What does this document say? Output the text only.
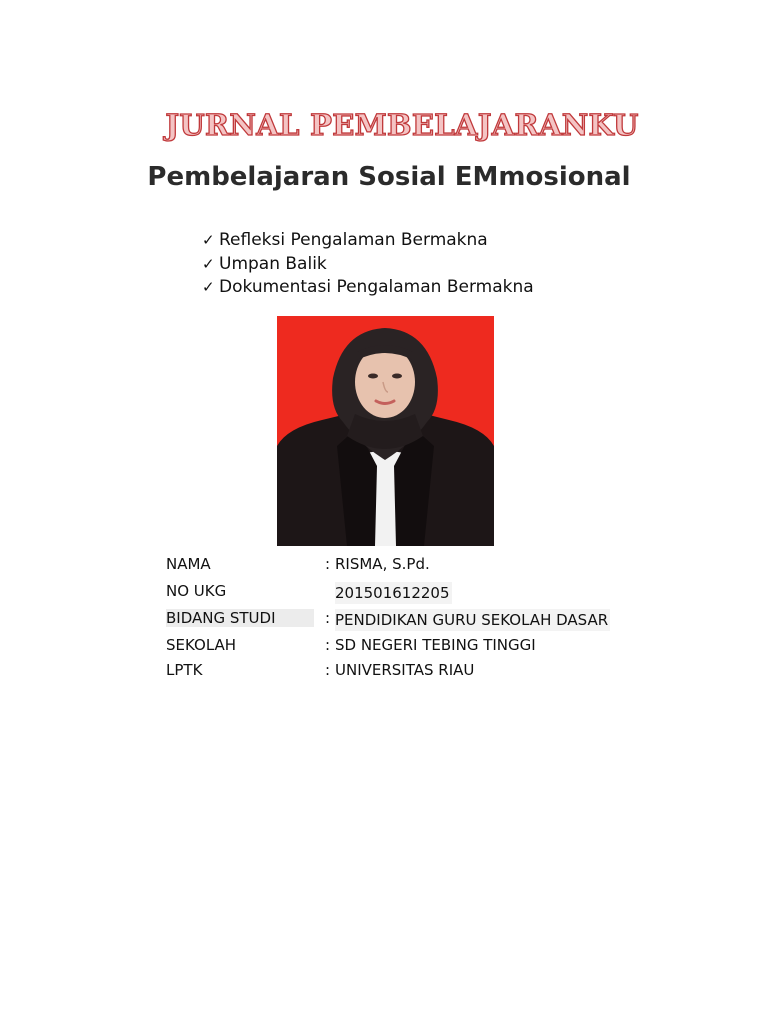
JURNAL PEMBELAJARANKU
Pembelajaran Sosial EMmosional
✓ Refleksi Pengalaman Bermakna
✓ Umpan Balik
✓ Dokumentasi Pengalaman Bermakna
NAMA	: RISMA, S.Pd.
NO UKG	201501612205
BIDANG STUDI	: PENDIDIKAN GURU SEKOLAH DASAR
SEKOLAH	: SD NEGERI TEBING TINGGI
LPTK	: UNIVERSITAS RIAU
